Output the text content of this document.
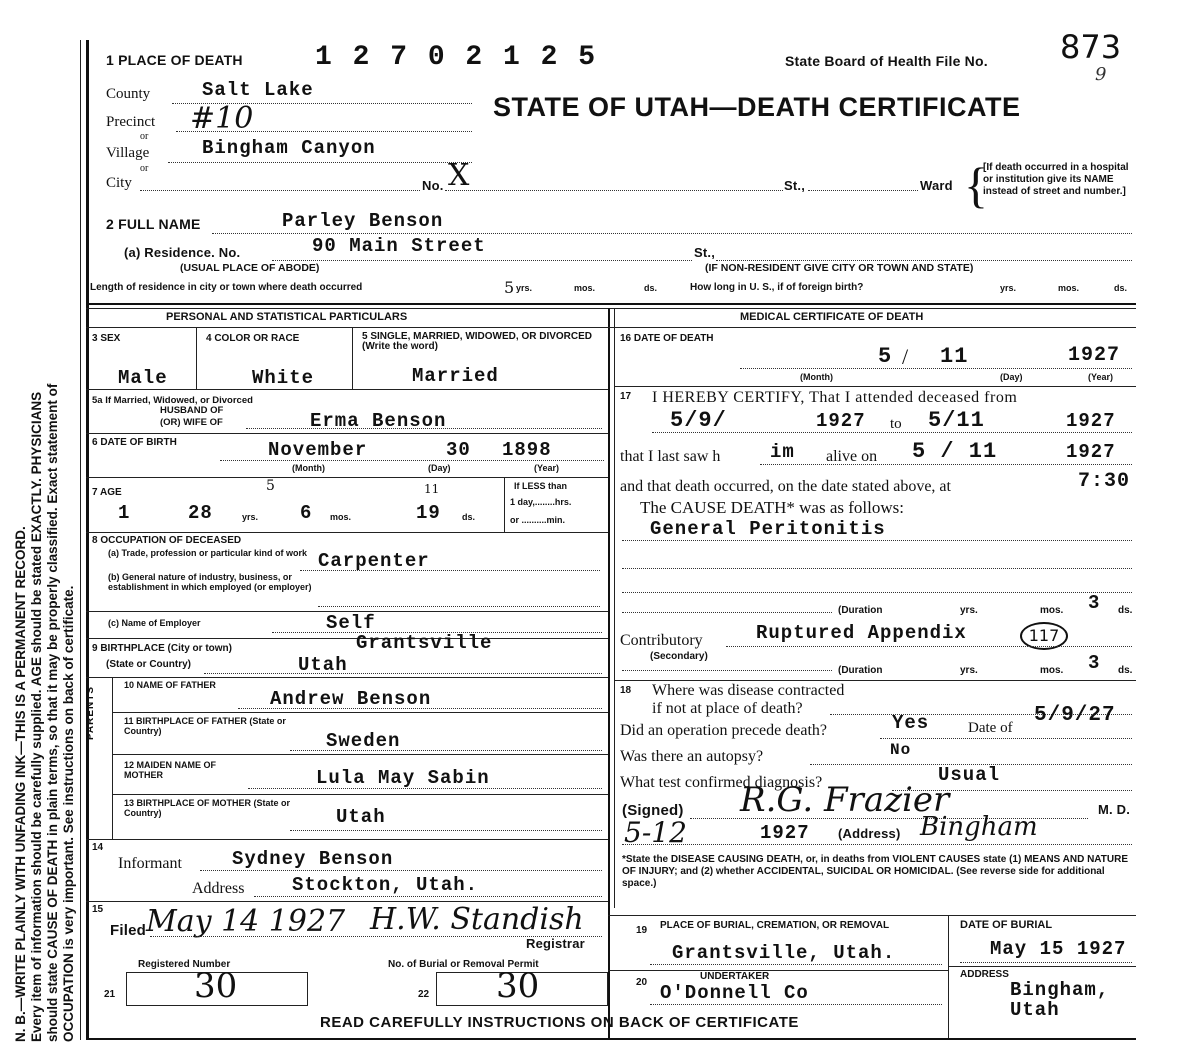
N. B.—WRITE PLAINLY WITH UNFADING INK—THIS IS A PERMANENT RECORD. Every item of information should be carefully supplied. AGE should be stated EXACTLY. PHYSICIANS should state CAUSE OF DEATH in plain terms, so that it may be properly classified. Exact statement of OCCUPATION is very important. See instructions on back of certificate.
1 PLACE OF DEATH	1 2 7 0 2 1 2 5	State Board of Health File No. 873
9
STATE OF UTAH—DEATH CERTIFICATE
County	Salt Lake
Precinct
or
#10
Village
or
Bingham Canyon
City	No. X	St.,	Ward {
[If death occurred in a hospital or institution give its NAME instead of street and number.]
2 FULL NAME	Parley Benson
(a) Residence. No.	90 Main Street	St.,
(USUAL PLACE OF ABODE)	(IF NON-RESIDENT GIVE CITY OR TOWN AND STATE)
Length of residence in city or town where death occurred	5 yrs.	mos.	ds.	How long in U. S., if of foreign birth?	yrs.	mos.	ds.
PERSONAL AND STATISTICAL PARTICULARS	MEDICAL CERTIFICATE OF DEATH
3 SEX	4 COLOR OR RACE	5 SINGLE, MARRIED, WIDOWED, OR DIVORCED (Write the word)
Male	White	Married
5a If Married, Widowed, or Divorced
HUSBAND OF
(OR) WIFE OF	Erma Benson
6 DATE OF BIRTH	November	30 1898
(Month)	(Day)	(Year)
7 AGE	5	11
1	28	yrs. 6 mos.	19 ds.
If LESS than
1 day,........hrs.
or ..........min.
8 OCCUPATION OF DECEASED
(a) Trade, profession or particular kind of work
(b) General nature of industry, business, or establishment in which employed (or employer)
Carpenter
(c) Name of Employer	Self
9 BIRTHPLACE (City or town)	Grantsville
(State or Country)	Utah
PARENTS
10 NAME OF FATHER
Andrew Benson
11 BIRTHPLACE OF FATHER (State or Country)	Sweden
12 MAIDEN NAME OF MOTHER	Lula May Sabin
13 BIRTHPLACE OF MOTHER (State or Country)	Utah
14
Informant	Sydney Benson
Address	Stockton, Utah.
15
Filed May 14 1927 H.W. Standish
Registrar
Registered Number	No. of Burial or Removal Permit
21 30	22 30
16 DATE OF DEATH
5 / 11	1927
(Month)	(Day)	(Year)
17 I HEREBY CERTIFY, That I attended deceased from
5/9/	1927 to 5/11	1927
that I last saw h	im alive on 5 / 11	1927
and that death occurred, on the date stated above, at	7:30
The CAUSE DEATH* was as follows:
General Peritonitis
(Duration	yrs.	mos. 3 ds.
Contributory
(Secondary)
Ruptured Appendix	117
(Duration	yrs.	mos. 3 ds.
18 Where was disease contracted
if not at place of death?
Did an operation precede death?	Yes	Date of
5/9/27
Was there an autopsy?	No
What test confirmed diagnosis?	Usual
(Signed) R.G. Frazier	M. D.
5-12	1927 (Address) Bingham
*State the DISEASE CAUSING DEATH, or, in deaths from VIOLENT CAUSES state (1) MEANS AND NATURE OF INJURY; and (2) whether ACCIDENTAL, SUICIDAL OR HOMICIDAL. (See reverse side for additional space.)
19 PLACE OF BURIAL, CREMATION, OR REMOVAL
Grantsville, Utah.
20
UNDERTAKER
O'Donnell Co
DATE OF BURIAL
May 15 1927
ADDRESS
Bingham, Utah
READ CAREFULLY INSTRUCTIONS ON BACK OF CERTIFICATE
